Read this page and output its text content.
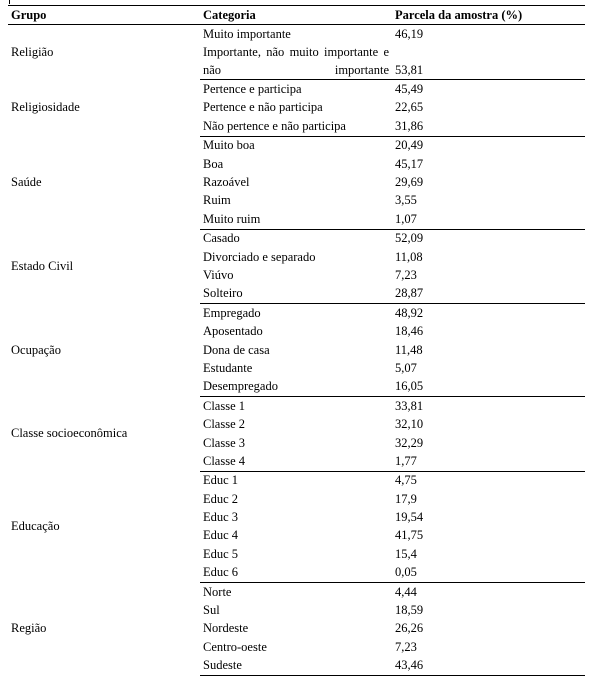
Grupo	Categoria	Parcela da amostra (%)
Religião	Muito importante	46,19
	Importante, não muito importante e não importante	53,81
Religiosidade	Pertence e participa	45,49
	Pertence e não participa	22,65
	Não pertence e não participa	31,86
Saúde	Muito boa	20,49
	Boa	45,17
	Razoável	29,69
	Ruim	3,55
	Muito ruim	1,07
Estado Civil	Casado	52,09
	Divorciado e separado	11,08
	Viúvo	7,23
	Solteiro	28,87
Ocupação	Empregado	48,92
	Aposentado	18,46
	Dona de casa	11,48
	Estudante	5,07
	Desempregado	16,05
Classe socioeconômica	Classe 1	33,81
	Classe 2	32,10
	Classe 3	32,29
	Classe 4	1,77
Educação	Educ 1	4,75
	Educ 2	17,9
	Educ 3	19,54
	Educ 4	41,75
	Educ 5	15,4
	Educ 6	0,05
Região	Norte	4,44
	Sul	18,59
	Nordeste	26,26
	Centro-oeste	7,23
	Sudeste	43,46
